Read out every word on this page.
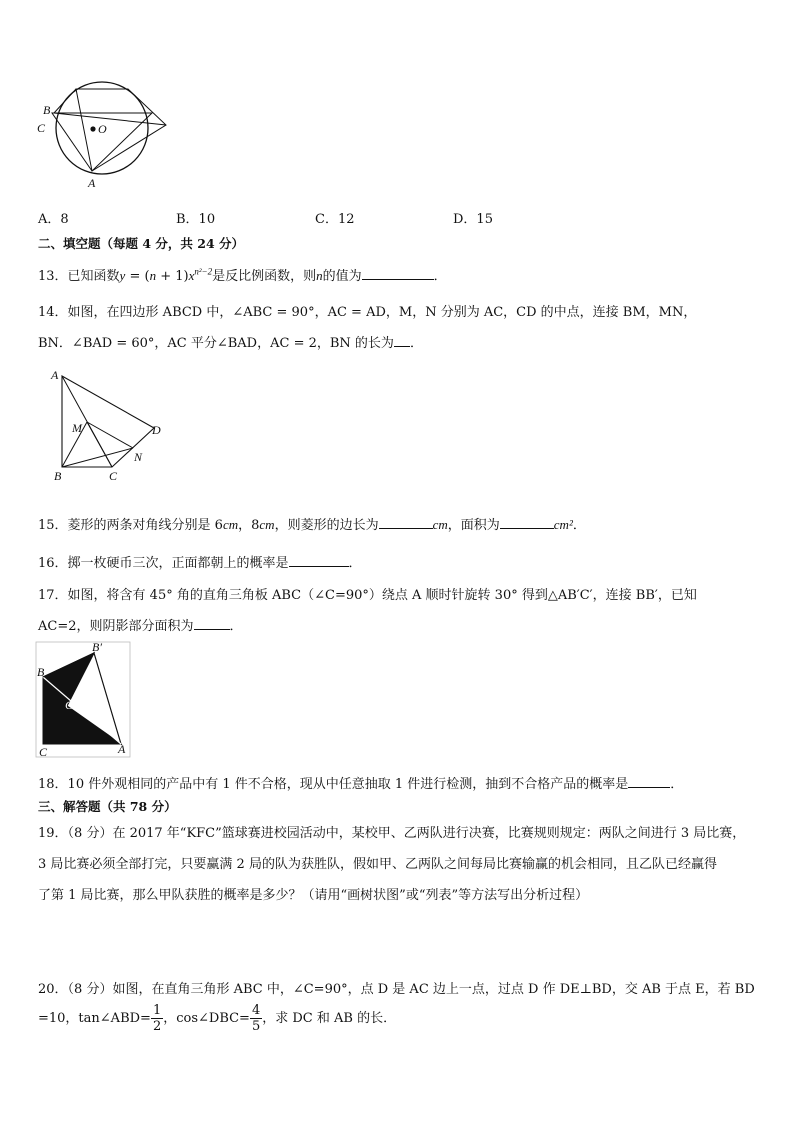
B
C	O
A
A．8	B．10	C．12	D．15
二、填空题（每题 4 分，共 24 分）
13．已知函数$y = (n + 1)x^{n^2-2}$是反比例函数，则n的值为	．
14．如图，在四边形 ABCD 中，∠ABC = 90°，AC = AD，M，N 分别为 AC，CD 的中点，连接 BM，MN，
BN．∠BAD = 60°，AC 平分∠BAD，AC = 2，BN 的长为 ．
A
M	D
N
B	C
15．菱形的两条对角线分别是 6cm，8cm，则菱形的边长为	cm，面积为	cm²．
16．掷一枚硬币三次，正面都朝上的概率是	．
17．如图，将含有 45° 角的直角三角板 ABC（∠C=90°）绕点 A 顺时针旋转 30° 得到△AB′C′，连接 BB′，已知
AC=2，则阴影部分面积为	．
B′
B
C′
C	A
18．10 件外观相同的产品中有 1 件不合格，现从中任意抽取 1 件进行检测，抽到不合格产品的概率是	．
三、解答题（共 78 分）
19．（8 分）在 2017 年“KFC”篮球赛进校园活动中，某校甲、乙两队进行决赛，比赛规则规定：两队之间进行 3 局比赛，
3 局比赛必须全部打完，只要赢满 2 局的队为获胜队，假如甲、乙两队之间每局比赛输赢的机会相同，且乙队已经赢得
了第 1 局比赛，那么甲队获胜的概率是多少？（请用“画树状图”或“列表”等方法写出分析过程）
20．（8 分）如图，在直角三角形 ABC 中，∠C=90°，点 D 是 AC 边上一点，过点 D 作 DE⊥BD，交 AB 于点 E，若 BD
=10，tan∠ABD= $\frac{1}{2}$ ，cos∠DBC= $\frac{4}{5}$ ，求 DC 和 AB 的长．
